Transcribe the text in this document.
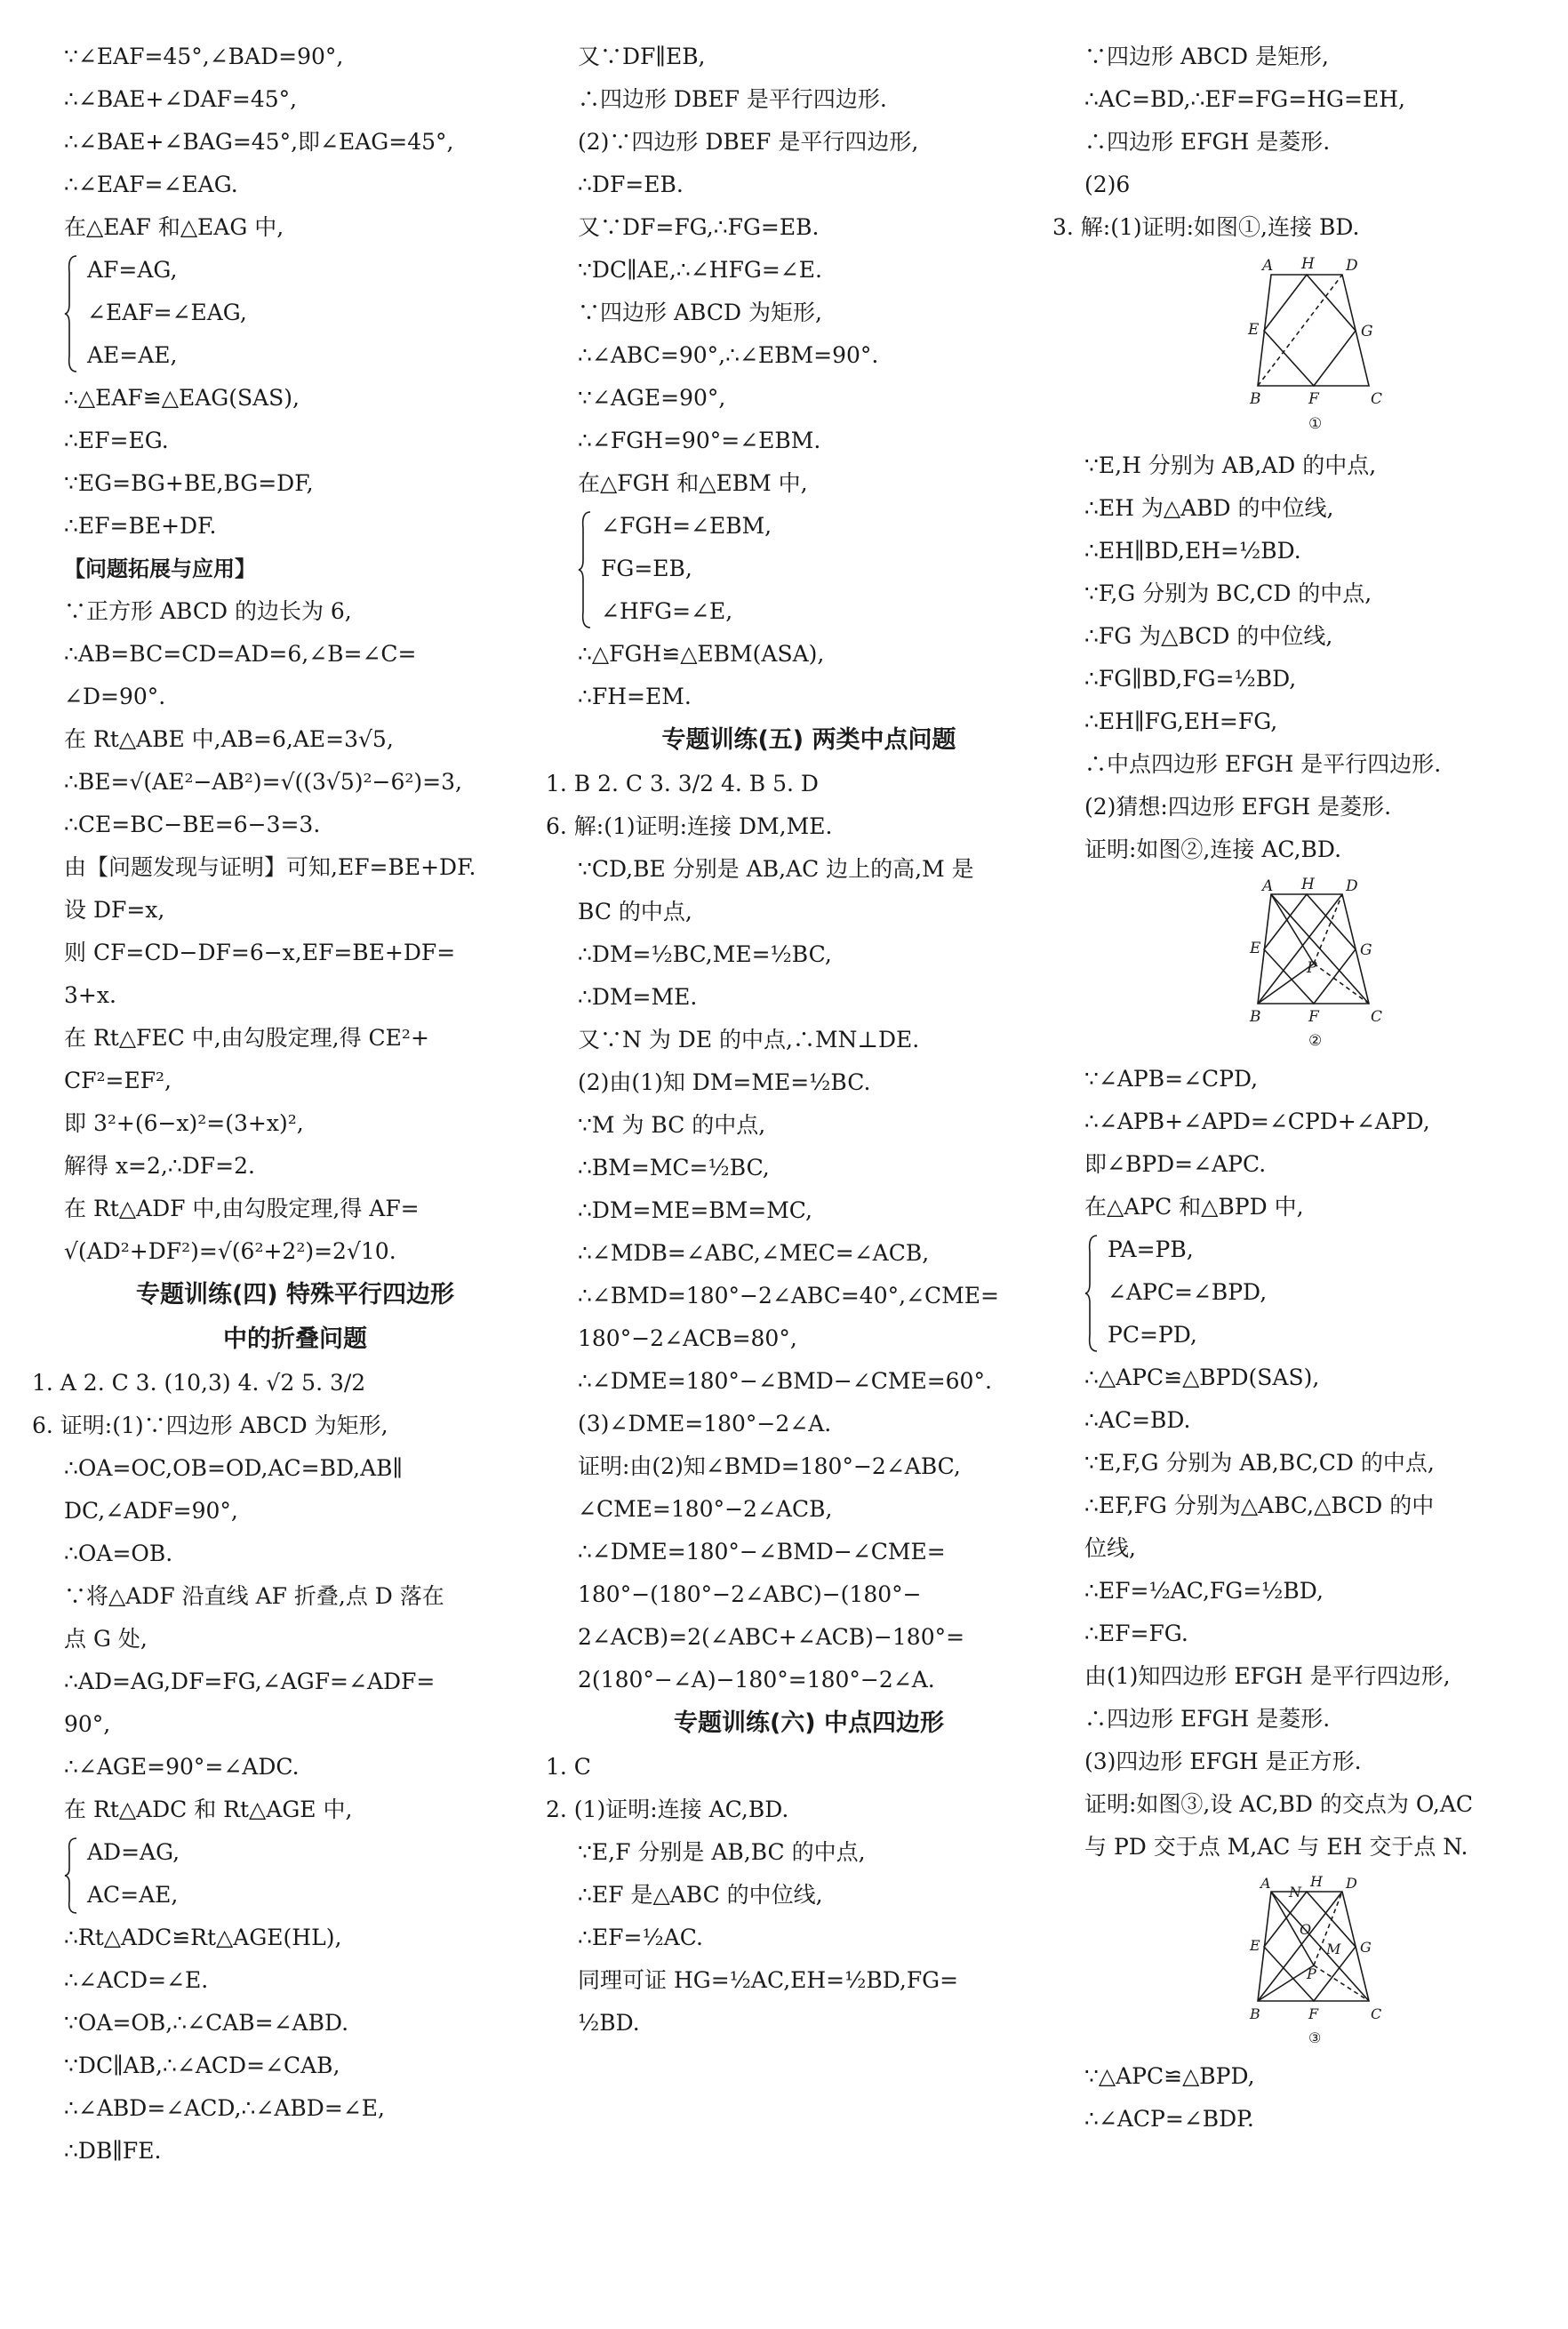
∵∠EAF=45°,∠BAD=90°,
∴∠BAE+∠DAF=45°,
∴∠BAE+∠BAG=45°,即∠EAG=45°,
∴∠EAF=∠EAG.
在△EAF 和△EAG 中,
AF=AG,
∠EAF=∠EAG,
AE=AE,
∴△EAF≌△EAG(SAS),
∴EF=EG.
∵EG=BG+BE,BG=DF,
∴EF=BE+DF.
【问题拓展与应用】
∵正方形 ABCD 的边长为 6,
∴AB=BC=CD=AD=6,∠B=∠C=
∠D=90°.
在 Rt△ABE 中,AB=6,AE=3√5,
∴BE=√(AE²−AB²)=√((3√5)²−6²)=3,
∴CE=BC−BE=6−3=3.
由【问题发现与证明】可知,EF=BE+DF.
设 DF=x,
则 CF=CD−DF=6−x,EF=BE+DF=
3+x.
在 Rt△FEC 中,由勾股定理,得 CE²+
CF²=EF²,
即 3²+(6−x)²=(3+x)²,
解得 x=2,∴DF=2.
在 Rt△ADF 中,由勾股定理,得 AF=
√(AD²+DF²)=√(6²+2²)=2√10.
专题训练(四) 特殊平行四边形
中的折叠问题
1. A 2. C 3. (10,3) 4. √2 5. 3/2
6. 证明:(1)∵四边形 ABCD 为矩形,
∴OA=OC,OB=OD,AC=BD,AB∥
DC,∠ADF=90°,
∴OA=OB.
∵将△ADF 沿直线 AF 折叠,点 D 落在
点 G 处,
∴AD=AG,DF=FG,∠AGF=∠ADF=
90°,
∴∠AGE=90°=∠ADC.
在 Rt△ADC 和 Rt△AGE 中,
AD=AG,
AC=AE,
∴Rt△ADC≌Rt△AGE(HL),
∴∠ACD=∠E.
∵OA=OB,∴∠CAB=∠ABD.
∵DC∥AB,∴∠ACD=∠CAB,
∴∠ABD=∠ACD,∴∠ABD=∠E,
∴DB∥FE.
又∵DF∥EB,
∴四边形 DBEF 是平行四边形.
(2)∵四边形 DBEF 是平行四边形,
∴DF=EB.
又∵DF=FG,∴FG=EB.
∵DC∥AE,∴∠HFG=∠E.
∵四边形 ABCD 为矩形,
∴∠ABC=90°,∴∠EBM=90°.
∵∠AGE=90°,
∴∠FGH=90°=∠EBM.
在△FGH 和△EBM 中,
∠FGH=∠EBM,
FG=EB,
∠HFG=∠E,
∴△FGH≌△EBM(ASA),
∴FH=EM.
专题训练(五) 两类中点问题
1. B 2. C 3. 3/2 4. B 5. D
6. 解:(1)证明:连接 DM,ME.
∵CD,BE 分别是 AB,AC 边上的高,M 是
BC 的中点,
∴DM=½BC,ME=½BC,
∴DM=ME.
又∵N 为 DE 的中点,∴MN⊥DE.
(2)由(1)知 DM=ME=½BC.
∵M 为 BC 的中点,
∴BM=MC=½BC,
∴DM=ME=BM=MC,
∴∠MDB=∠ABC,∠MEC=∠ACB,
∴∠BMD=180°−2∠ABC=40°,∠CME=
180°−2∠ACB=80°,
∴∠DME=180°−∠BMD−∠CME=60°.
(3)∠DME=180°−2∠A.
证明:由(2)知∠BMD=180°−2∠ABC,
∠CME=180°−2∠ACB,
∴∠DME=180°−∠BMD−∠CME=
180°−(180°−2∠ABC)−(180°−
2∠ACB)=2(∠ABC+∠ACB)−180°=
2(180°−∠A)−180°=180°−2∠A.
专题训练(六) 中点四边形
1. C
2. (1)证明:连接 AC,BD.
∵E,F 分别是 AB,BC 的中点,
∴EF 是△ABC 的中位线,
∴EF=½AC.
同理可证 HG=½AC,EH=½BD,FG=
½BD.
∵四边形 ABCD 是矩形,
∴AC=BD,∴EF=FG=HG=EH,
∴四边形 EFGH 是菱形.
(2)6
3. 解:(1)证明:如图①,连接 BD.
A H D
E	G
B	F	C
①
∵E,H 分别为 AB,AD 的中点,
∴EH 为△ABD 的中位线,
∴EH∥BD,EH=½BD.
∵F,G 分别为 BC,CD 的中点,
∴FG 为△BCD 的中位线,
∴FG∥BD,FG=½BD,
∴EH∥FG,EH=FG,
∴中点四边形 EFGH 是平行四边形.
(2)猜想:四边形 EFGH 是菱形.
证明:如图②,连接 AC,BD.
A H D
E	G
P
B	F	C
②
∵∠APB=∠CPD,
∴∠APB+∠APD=∠CPD+∠APD,
即∠BPD=∠APC.
在△APC 和△BPD 中,
PA=PB,
∠APC=∠BPD,
PC=PD,
∴△APC≌△BPD(SAS),
∴AC=BD.
∵E,F,G 分别为 AB,BC,CD 的中点,
∴EF,FG 分别为△ABC,△BCD 的中
位线,
∴EF=½AC,FG=½BD,
∴EF=FG.
由(1)知四边形 EFGH 是平行四边形,
∴四边形 EFGH 是菱形.
(3)四边形 EFGH 是正方形.
证明:如图③,设 AC,BD 的交点为 O,AC
与 PD 交于点 M,AC 与 EH 交于点 N.
A
N
H D
O
E	M G
P
B	F	C
③
∵△APC≌△BPD,
∴∠ACP=∠BDP.
